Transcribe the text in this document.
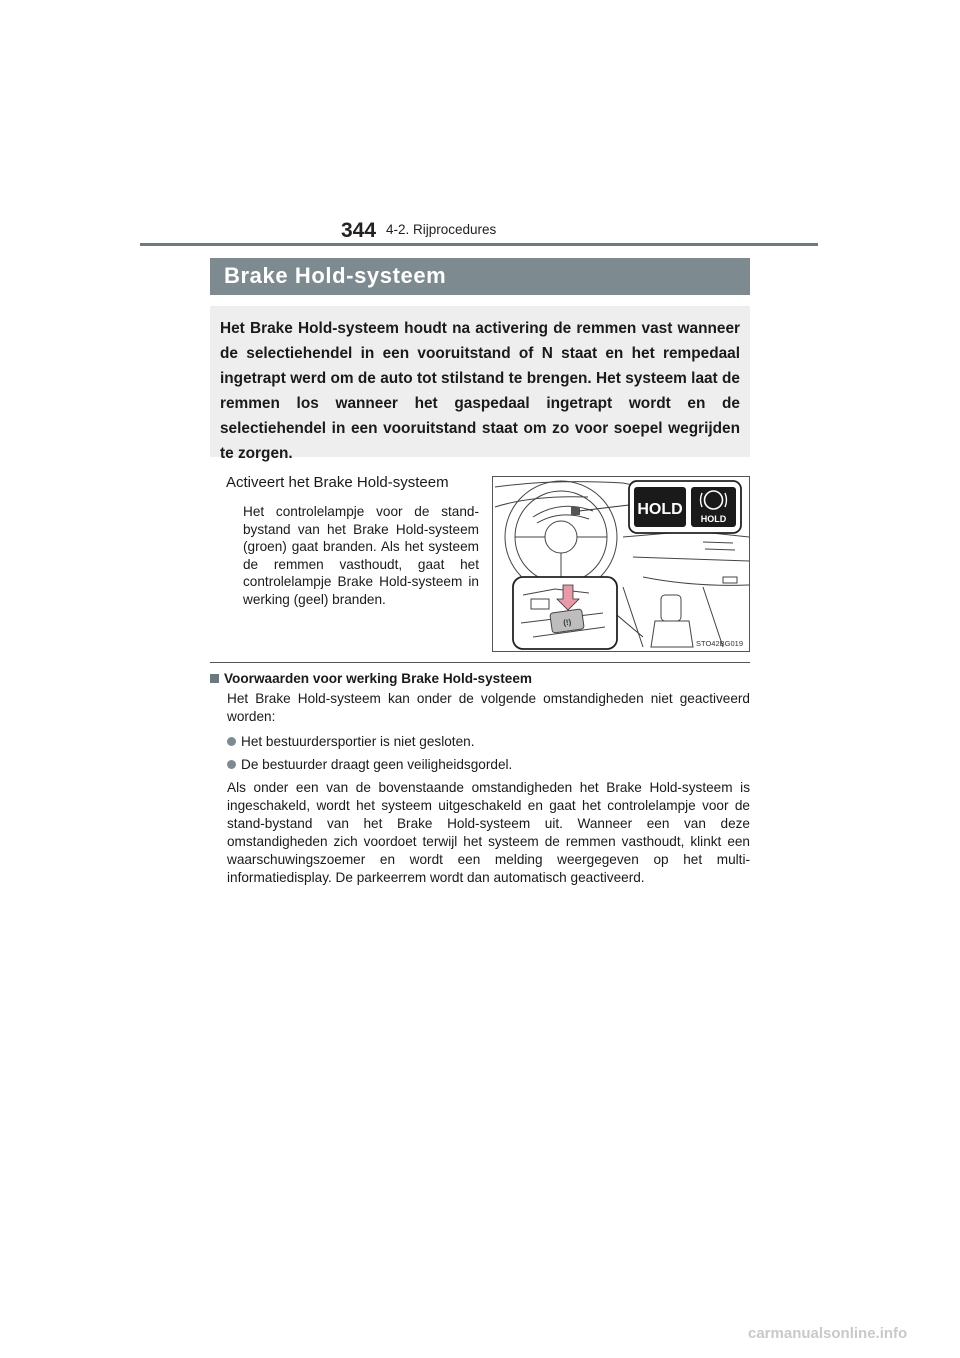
344 4-2. Rijprocedures
Brake Hold-systeem

Het Brake Hold-systeem houdt na activering de remmen vast wanneer de selectiehendel in een vooruitstand of N staat en het rempedaal ingetrapt werd om de auto tot stilstand te brengen. Het systeem laat de remmen los wanneer het gaspedaal ingetrapt wordt en de selectiehendel in een vooruitstand staat om zo voor soepel wegrijden te zorgen.

Activeert het Brake Hold-systeem

Het controlelampje voor de standbystand van het Brake Hold-systeem (groen) gaat branden. Als het systeem de remmen vasthoudt, gaat het controlelampje Brake Hold-systeem in werking (geel) branden.

HOLD
HOLD
(!)
STO42BG019
Voorwaarden voor werking Brake Hold-systeem

Het Brake Hold-systeem kan onder de volgende omstandigheden niet geactiveerd worden:

Het bestuurdersportier is niet gesloten.
De bestuurder draagt geen veiligheidsgordel.

Als onder een van de bovenstaande omstandigheden het Brake Hold-systeem is ingeschakeld, wordt het systeem uitgeschakeld en gaat het controlelampje voor de stand-bystand van het Brake Hold-systeem uit. Wanneer een van deze omstandigheden zich voordoet terwijl het systeem de remmen vasthoudt, klinkt een waarschuwingszoemer en wordt een melding weergegeven op het multi-informatiedisplay. De parkeerrem wordt dan automatisch geactiveerd.

carmanualsonline.info
